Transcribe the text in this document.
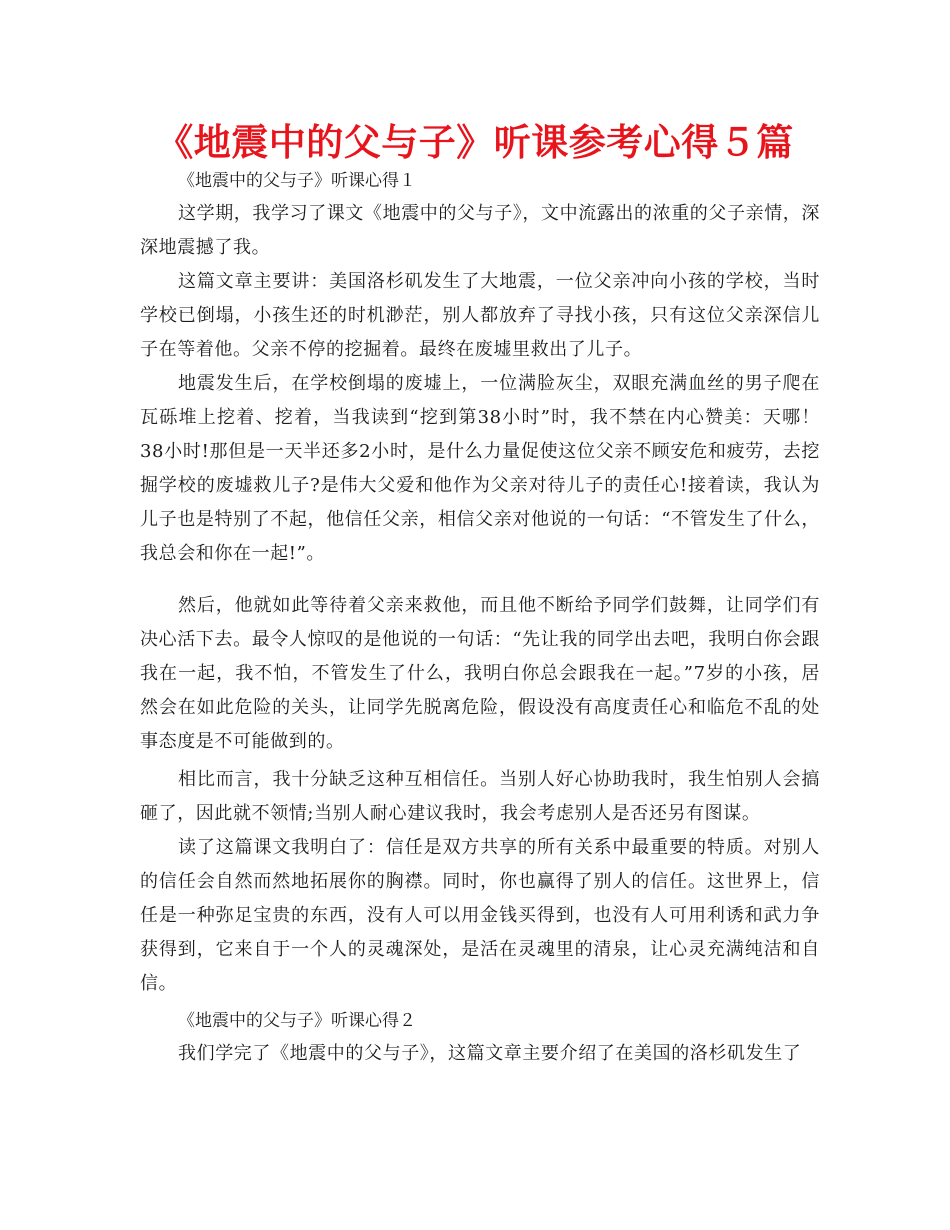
《地震中的父与子》听课参考心得５篇
《地震中的父与子》听课心得１
这学期，我学习了课文《地震中的父与子》，文中流露出的浓重的父子亲情，深深地震撼了我。
这篇文章主要讲：美国洛杉矶发生了大地震，一位父亲冲向小孩的学校，当时学校已倒塌，小孩生还的时机渺茫，别人都放弃了寻找小孩，只有这位父亲深信儿子在等着他。父亲不停的挖掘着。最终在废墟里救出了儿子。
地震发生后，在学校倒塌的废墟上，一位满脸灰尘，双眼充满血丝的男子爬在瓦砾堆上挖着、挖着，当我读到“挖到第38小时”时，我不禁在内心赞美：天哪！38小时!那但是一天半还多2小时，是什么力量促使这位父亲不顾安危和疲劳，去挖掘学校的废墟救儿子?是伟大父爱和他作为父亲对待儿子的责任心!接着读，我认为儿子也是特别了不起，他信任父亲，相信父亲对他说的一句话：“不管发生了什么，我总会和你在一起!”。
然后，他就如此等待着父亲来救他，而且他不断给予同学们鼓舞，让同学们有决心活下去。最令人惊叹的是他说的一句话：“先让我的同学出去吧，我明白你会跟我在一起，我不怕，不管发生了什么，我明白你总会跟我在一起。”7岁的小孩，居然会在如此危险的关头，让同学先脱离危险，假设没有高度责任心和临危不乱的处事态度是不可能做到的。
相比而言，我十分缺乏这种互相信任。当别人好心协助我时，我生怕别人会搞砸了，因此就不领情;当别人耐心建议我时，我会考虑别人是否还另有图谋。
读了这篇课文我明白了：信任是双方共享的所有关系中最重要的特质。对别人的信任会自然而然地拓展你的胸襟。同时，你也赢得了别人的信任。这世界上，信任是一种弥足宝贵的东西，没有人可以用金钱买得到，也没有人可用利诱和武力争获得到，它来自于一个人的灵魂深处，是活在灵魂里的清泉，让心灵充满纯洁和自信。
《地震中的父与子》听课心得２
我们学完了《地震中的父与子》，这篇文章主要介绍了在美国的洛杉矶发生了
